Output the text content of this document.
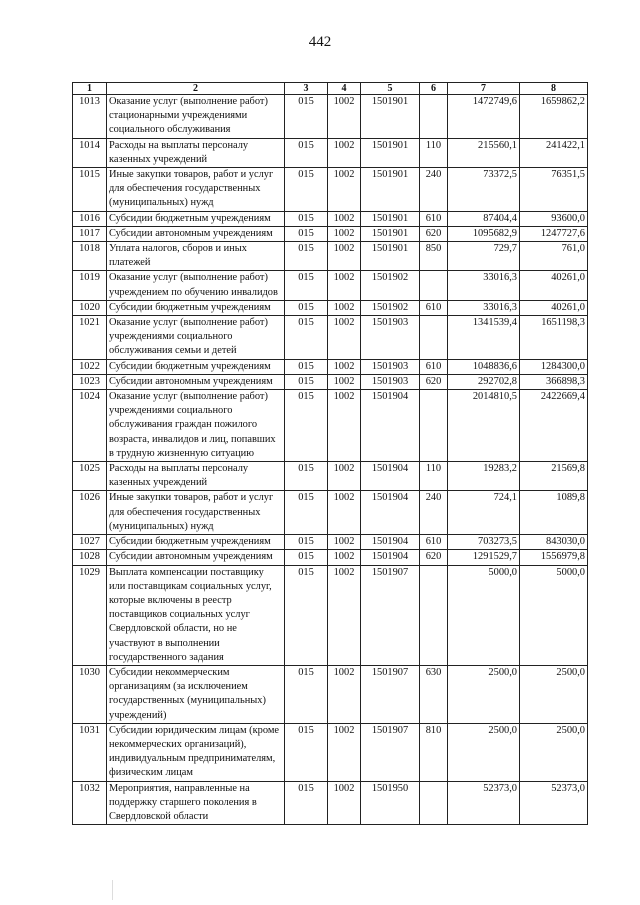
442
1	2	3	4	5	6	7	8
1013	Оказание услуг (выполнение работ) стационарными учреждениями социального обслуживания	015	1002	1501901		1472749,6	1659862,2
1014	Расходы на выплаты персоналу казенных учреждений	015	1002	1501901	110	215560,1	241422,1
1015	Иные закупки товаров, работ и услуг для обеспечения государственных (муниципальных) нужд	015	1002	1501901	240	73372,5	76351,5
1016	Субсидии бюджетным учреждениям	015	1002	1501901	610	87404,4	93600,0
1017	Субсидии автономным учреждениям	015	1002	1501901	620	1095682,9	1247727,6
1018	Уплата налогов, сборов и иных платежей	015	1002	1501901	850	729,7	761,0
1019	Оказание услуг (выполнение работ) учреждением по обучению инвалидов	015	1002	1501902		33016,3	40261,0
1020	Субсидии бюджетным учреждениям	015	1002	1501902	610	33016,3	40261,0
1021	Оказание услуг (выполнение работ) учреждениями социального обслуживания семьи и детей	015	1002	1501903		1341539,4	1651198,3
1022	Субсидии бюджетным учреждениям	015	1002	1501903	610	1048836,6	1284300,0
1023	Субсидии автономным учреждениям	015	1002	1501903	620	292702,8	366898,3
1024	Оказание услуг (выполнение работ) учреждениями социального обслуживания граждан пожилого возраста, инвалидов и лиц, попавших в трудную жизненную ситуацию	015	1002	1501904		2014810,5	2422669,4
1025	Расходы на выплаты персоналу казенных учреждений	015	1002	1501904	110	19283,2	21569,8
1026	Иные закупки товаров, работ и услуг для обеспечения государственных (муниципальных) нужд	015	1002	1501904	240	724,1	1089,8
1027	Субсидии бюджетным учреждениям	015	1002	1501904	610	703273,5	843030,0
1028	Субсидии автономным учреждениям	015	1002	1501904	620	1291529,7	1556979,8
1029	Выплата компенсации поставщику или поставщикам социальных услуг, которые включены в реестр поставщиков социальных услуг Свердловской области, но не участвуют в выполнении государственного задания	015	1002	1501907		5000,0	5000,0
1030	Субсидии некоммерческим организациям (за исключением государственных (муниципальных) учреждений)	015	1002	1501907	630	2500,0	2500,0
1031	Субсидии юридическим лицам (кроме некоммерческих организаций), индивидуальным предпринимателям, физическим лицам	015	1002	1501907	810	2500,0	2500,0
1032	Мероприятия, направленные на поддержку старшего поколения в Свердловской области	015	1002	1501950		52373,0	52373,0
